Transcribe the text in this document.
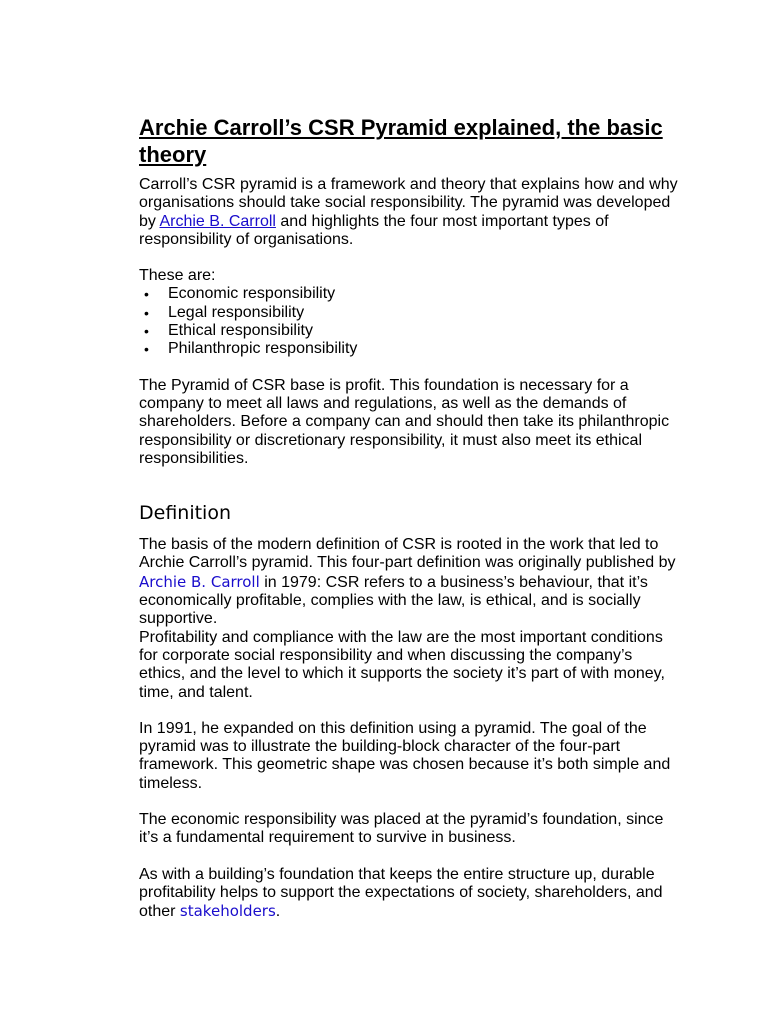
Archie Carroll’s CSR Pyramid explained, the basic theory

Carroll’s CSR pyramid is a framework and theory that explains how and why organisations should take social responsibility. The pyramid was developed by Archie B. Carroll and highlights the four most important types of responsibility of organisations.

These are:

• Economic responsibility
• Legal responsibility
• Ethical responsibility
• Philanthropic responsibility

The Pyramid of CSR base is profit. This foundation is necessary for a company to meet all laws and regulations, as well as the demands of shareholders. Before a company can and should then take its philanthropic responsibility or discretionary responsibility, it must also meet its ethical responsibilities.

Definition

The basis of the modern definition of CSR is rooted in the work that led to Archie Carroll’s pyramid. This four-part definition was originally published by Archie B. Carroll in 1979: CSR refers to a business’s behaviour, that it’s economically profitable, complies with the law, is ethical, and is socially supportive.

Profitability and compliance with the law are the most important conditions for corporate social responsibility and when discussing the company’s ethics, and the level to which it supports the society it’s part of with money, time, and talent.

In 1991, he expanded on this definition using a pyramid. The goal of the pyramid was to illustrate the building-block character of the four-part framework. This geometric shape was chosen because it’s both simple and timeless.

The economic responsibility was placed at the pyramid’s foundation, since it’s a fundamental requirement to survive in business.

As with a building’s foundation that keeps the entire structure up, durable profitability helps to support the expectations of society, shareholders, and other stakeholders.
